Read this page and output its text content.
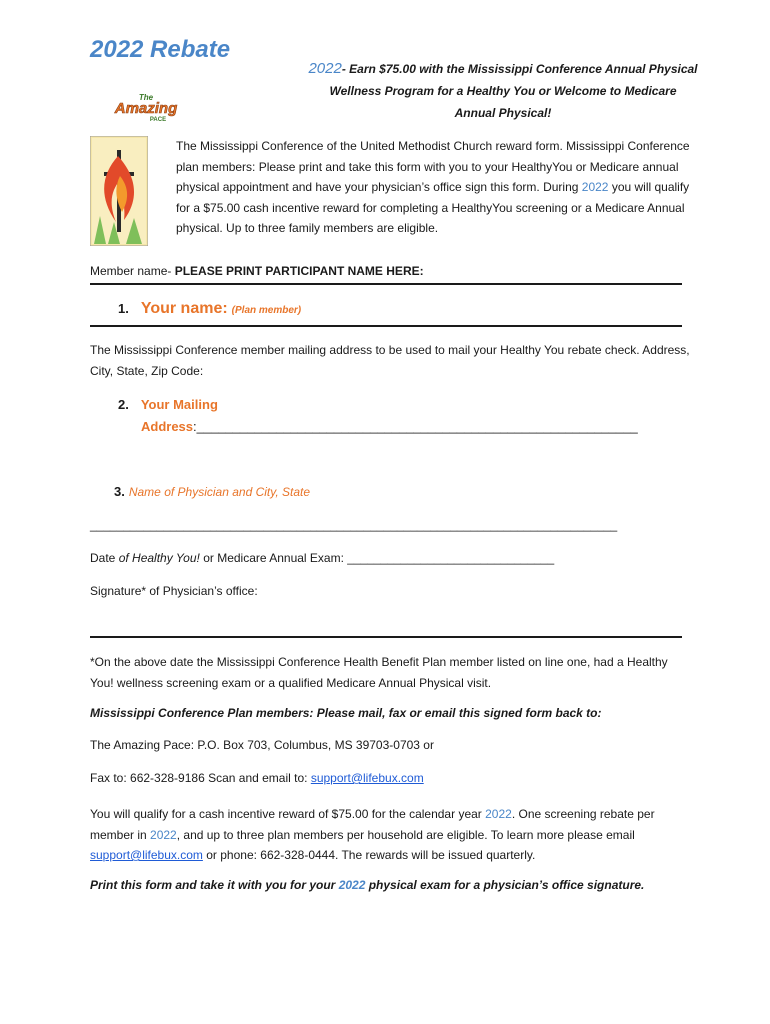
2022 Rebate
2022- Earn $75.00 with the Mississippi Conference Annual Physical
Wellness Program for a Healthy You or Welcome to Medicare
Annual Physical!
The
Amazing
PACE
The Mississippi Conference of the United Methodist Church reward form. Mississippi Conference plan members: Please print and take this form with you to your HealthyYou or Medicare annual physical appointment and have your physician’s office sign this form. During 2022 you will qualify for a $75.00 cash incentive reward for completing a HealthyYou screening or a Medicare Annual physical. Up to three family members are eligible.
Member name- PLEASE PRINT PARTICIPANT NAME HERE:
1. Your name: (Plan member)
The Mississippi Conference member mailing address to be used to mail your Healthy You rebate check. Address, City, State, Zip Code:
2. Your Mailing
Address:_____________________________________________________________
3. Name of Physician and City, State
_______________________________________________________________________________
Date of Healthy You! or Medicare Annual Exam: _______________________________
Signature* of Physician’s office:
*On the above date the Mississippi Conference Health Benefit Plan member listed on line one, had a Healthy You! wellness screening exam or a qualified Medicare Annual Physical visit.
Mississippi Conference Plan members: Please mail, fax or email this signed form back to:
The Amazing Pace: P.O. Box 703, Columbus, MS 39703-0703 or
Fax to: 662-328-9186 Scan and email to: support@lifebux.com
You will qualify for a cash incentive reward of $75.00 for the calendar year 2022. One screening rebate per member in 2022, and up to three plan members per household are eligible. To learn more please email support@lifebux.com or phone: 662-328-0444. The rewards will be issued quarterly.
Print this form and take it with you for your 2022 physical exam for a physician’s office signature.
